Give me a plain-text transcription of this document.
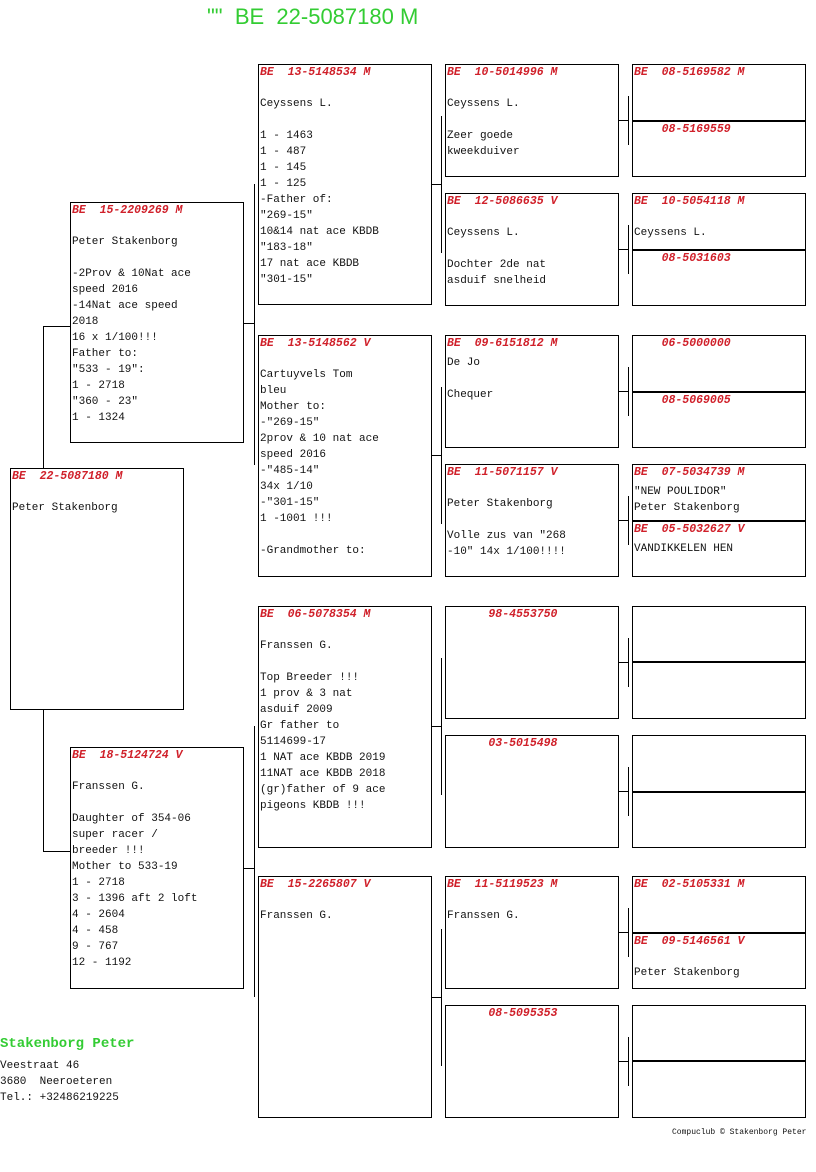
""  BE  22-5087180 M
BE  22-5087180 M

Peter Stakenborg
BE  15-2209269 M

Peter Stakenborg

-2Prov & 10Nat ace
speed 2016
-14Nat ace speed
2018
16 x 1/100!!!
Father to:
"533 - 19":
1 - 2718
"360 - 23"
1 - 1324
BE  18-5124724 V

Franssen G.

Daughter of 354-06
super racer /
breeder !!!
Mother to 533-19
1 - 2718
3 - 1396 aft 2 loft
4 - 2604
4 - 458
9 - 767
12 - 1192
BE  13-5148534 M

Ceyssens L.

1 - 1463
1 - 487
1 - 145
1 - 125
-Father of:
"269-15"
10&14 nat ace KBDB
"183-18"
17 nat ace KBDB
"301-15"
BE  13-5148562 V

Cartuyvels Tom
bleu
Mother to:
-"269-15"
2prov & 10 nat ace
speed 2016
-"485-14"
34x 1/10
-"301-15"
1 -1001 !!!

-Grandmother to:
BE  06-5078354 M

Franssen G.

Top Breeder !!!
1 prov & 3 nat
asduif 2009
Gr father to
5114699-17
1 NAT ace KBDB 2019
11NAT ace KBDB 2018
(gr)father of 9 ace
pigeons KBDB !!!
BE  15-2265807 V

Franssen G.
BE  10-5014996 M

Ceyssens L.

Zeer goede
kweekduiver
BE  12-5086635 V

Ceyssens L.

Dochter 2de nat
asduif snelheid
BE  09-6151812 M
De Jo

Chequer
BE  11-5071157 V

Peter Stakenborg

Volle zus van "268
-10" 14x 1/100!!!!
98-4553750
03-5015498
BE  11-5119523 M

Franssen G.
08-5095353
BE  08-5169582 M
08-5169559
BE  10-5054118 M

Ceyssens L.
08-5031603
06-5000000
08-5069005
BE  07-5034739 M
"NEW POULIDOR"
Peter Stakenborg
BE  05-5032627 V
VANDIKKELEN HEN
BE  02-5105331 M
BE  09-5146561 V

Peter Stakenborg
Stakenborg Peter
Veestraat 46
3680  Neeroeteren
Tel.: +32486219225
Compuclub © Stakenborg Peter
